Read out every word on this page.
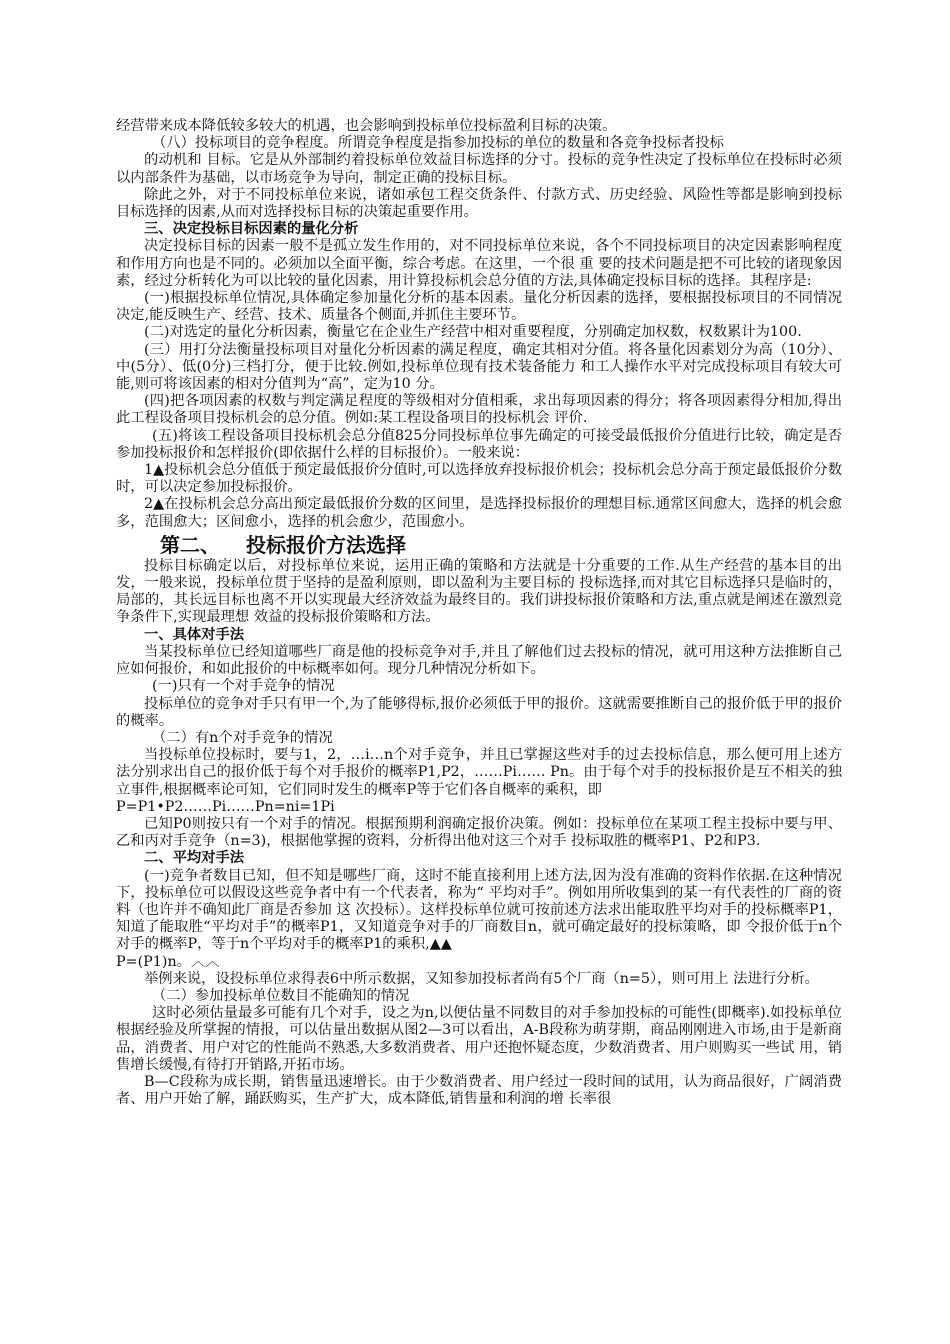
经营带来成本降低较多较大的机遇，也会影响到投标单位投标盈利目标的决策。

（八）投标项目的竞争程度。所谓竞争程度是指参加投标的单位的数量和各竞争投标者投标

的动机和 目标。它是从外部制约着投标单位效益目标选择的分寸。投标的竞争性决定了投标单位在投标时必须以内部条件为基础，以市场竞争为导向，制定正确的投标目标。

除此之外，对于不同投标单位来说，诸如承包工程交货条件、付款方式、历史经验、风险性等都是影响到投标目标选择的因素,从而对选择投标目标的决策起重要作用。

三、决定投标目标因素的量化分析

决定投标目标的因素一般不是孤立发生作用的，对不同投标单位来说，各个不同投标项目的决定因素影响程度和作用方向也是不同的。必须加以全面平衡，综合考虑。在这里，一个很 重 要的技术问题是把不可比较的诸现象因素，经过分析转化为可以比较的量化因素，用计算投标机会总分值的方法,具体确定投标目标的选择。其程序是:

(一)根据投标单位情况,具体确定参加量化分析的基本因素。量化分析因素的选择，要根据投标项目的不同情况决定,能反映生产、经营、技术、质量各个侧面,并抓住主要环节。

(二)对选定的量化分析因素，衡量它在企业生产经营中相对重要程度，分别确定加权数，权数累计为100.

(三）用打分法衡量投标项目对量化分析因素的满足程度，确定其相对分值。将各量化因素划分为高（10分）、中(5分）、低(0分)三档打分，便于比较.例如,投标单位现有技术装备能力 和工人操作水平对完成投标项目有较大可能,则可将该因素的相对分值判为“高”，定为10 分。

(四)把各项因素的权数与判定满足程度的等级相对分值相乘，求出每项因素的得分；将各项因素得分相加,得出此工程设备项目投标机会的总分值。例如:某工程设备项目的投标机会 评价.

(五)将该工程设备项目投标机会总分值825分同投标单位事先确定的可接受最低报价分值进行比较，确定是否参加投标报价和怎样报价(即依据什么样的目标报价）。一般来说：

1▲投标机会总分值低于预定最低报价分值时,可以选择放弃投标报价机会；投标机会总分高于预定最低报价分数时，可以决定参加投标报价。

2▲在投标机会总分高出预定最低报价分数的区间里，是选择投标报价的理想目标.通常区间愈大，选择的机会愈多，范围愈大；区间愈小，选择的机会愈少，范围愈小。

第二、 投标报价方法选择

投标目标确定以后，对投标单位来说，运用正确的策略和方法就是十分重要的工作.从生产经营的基本目的出发，一般来说，投标单位贯于坚持的是盈利原则，即以盈利为主要目标的 投标选择,而对其它目标选择只是临时的，局部的，其长远目标也离不开以实现最大经济效益为最终目的。我们讲投标报价策略和方法,重点就是阐述在激烈竞争条件下,实现最理想 效益的投标报价策略和方法。

一、具体对手法

当某投标单位已经知道哪些厂商是他的投标竞争对手,并且了解他们过去投标的情况，就可用这种方法推断自己应如何报价，和如此报价的中标概率如何。现分几种情况分析如下。

(一)只有一个对手竞争的情况

投标单位的竞争对手只有甲一个,为了能够得标,报价必须低于甲的报价。这就需要推断自己的报价低于甲的报价的概率。

（二）有n个对手竞争的情况

当投标单位投标时，要与1，2，…i…n个对手竞争，并且已掌握这些对手的过去投标信息，那么便可用上述方法分别求出自己的报价低于每个对手报价的概率P1,P2，……Pi…… Pn。由于每个对手的投标报价是互不相关的独立事件,根据概率论可知，它们同时发生的概率P等于它们各自概率的乘积，即

P=P1•P2……Pi……Pn=ni=1Pi

已知P0则按只有一个对手的情况。根据预期利润确定报价决策。例如：投标单位在某项工程主投标中要与甲、乙和丙对手竞争（n=3)，根据他掌握的资料，分析得出他对这三个对手 投标取胜的概率P1、P2和P3.

二、平均对手法

(一)竞争者数目已知，但不知是哪些厂商，这时不能直接利用上述方法,因为没有准确的资料作依据.在这种情况下，投标单位可以假设这些竞争者中有一个代表者，称为“ 平均对手”。例如用所收集到的某一有代表性的厂商的资料（也许并不确知此厂商是否参加 这 次投标）。这样投标单位就可按前述方法求出能取胜平均对手的投标概率P1，知道了能取胜“平均对手”的概率P1，又知道竞争对手的厂商数目n，就可确定最好的投标策略，即 令报价低于n个对手的概率P，等于n个平均对手的概率P1的乘积,▲▲

P=(P1)n。︿︿

举例来说，设投标单位求得表6中所示数据，又知参加投标者尚有5个厂商（n=5），则可用上 法进行分析。

（二）参加投标单位数目不能确知的情况

这时必须估量最多可能有几个对手，设之为n,以便估量不同数目的对手参加投标的可能性(即概率).如投标单位根据经验及所掌握的情报，可以估量出数据从图2—3可以看出，A-B段称为萌芽期，商品刚刚进入市场,由于是新商品，消费者、用户对它的性能尚不熟悉,大多数消费者、用户还抱怀疑态度，少数消费者、用户则购买一些试 用，销售增长缓慢,有待打开销路,开拓市场。

B—C段称为成长期，销售量迅速增长。由于少数消费者、用户经过一段时间的试用，认为商品很好，广阔消费者、用户开始了解，踊跃购买，生产扩大，成本降低,销售量和利润的增 长率很
